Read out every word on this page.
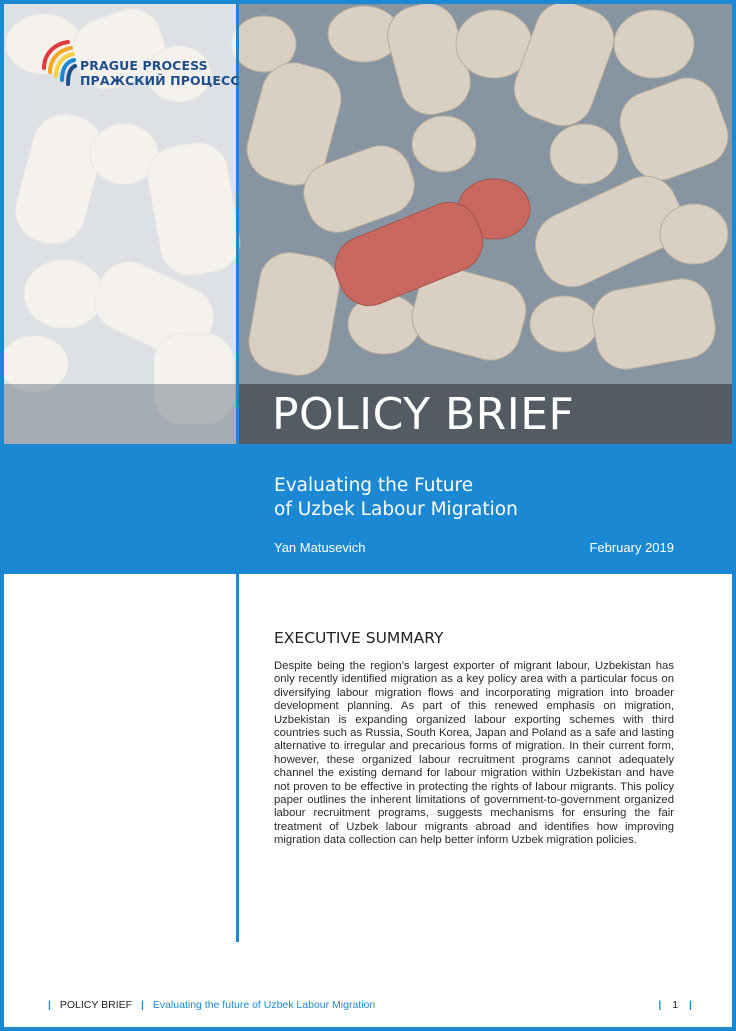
PRAGUE PROCESS
ПРАЖСКИЙ ПРОЦЕСС
POLICY BRIEF
Evaluating the Future
of Uzbek Labour Migration
Yan Matusevich	February 2019
EXECUTIVE SUMMARY
Despite being the region’s largest exporter of migrant labour, Uzbekistan has only recently identified migration as a key policy area with a particular focus on diversifying labour migration flows and incorporating migration into broader development planning. As part of this renewed emphasis on migration, Uzbekistan is expanding organized labour exporting schemes with third countries such as Russia, South Korea, Japan and Poland as a safe and lasting alternative to irregular and precarious forms of migration. In their current form, however, these organized labour recruitment programs cannot adequately channel the existing demand for labour migration within Uzbekistan and have not proven to be effective in protecting the rights of labour migrants. This policy paper outlines the inherent limitations of government-to-government organized labour recruitment programs, suggests mechanisms for ensuring the fair treatment of Uzbek labour migrants abroad and identifies how improving migration data collection can help better inform Uzbek migration policies.
| POLICY BRIEF | Evaluating the future of Uzbek Labour Migration	| 1 |
